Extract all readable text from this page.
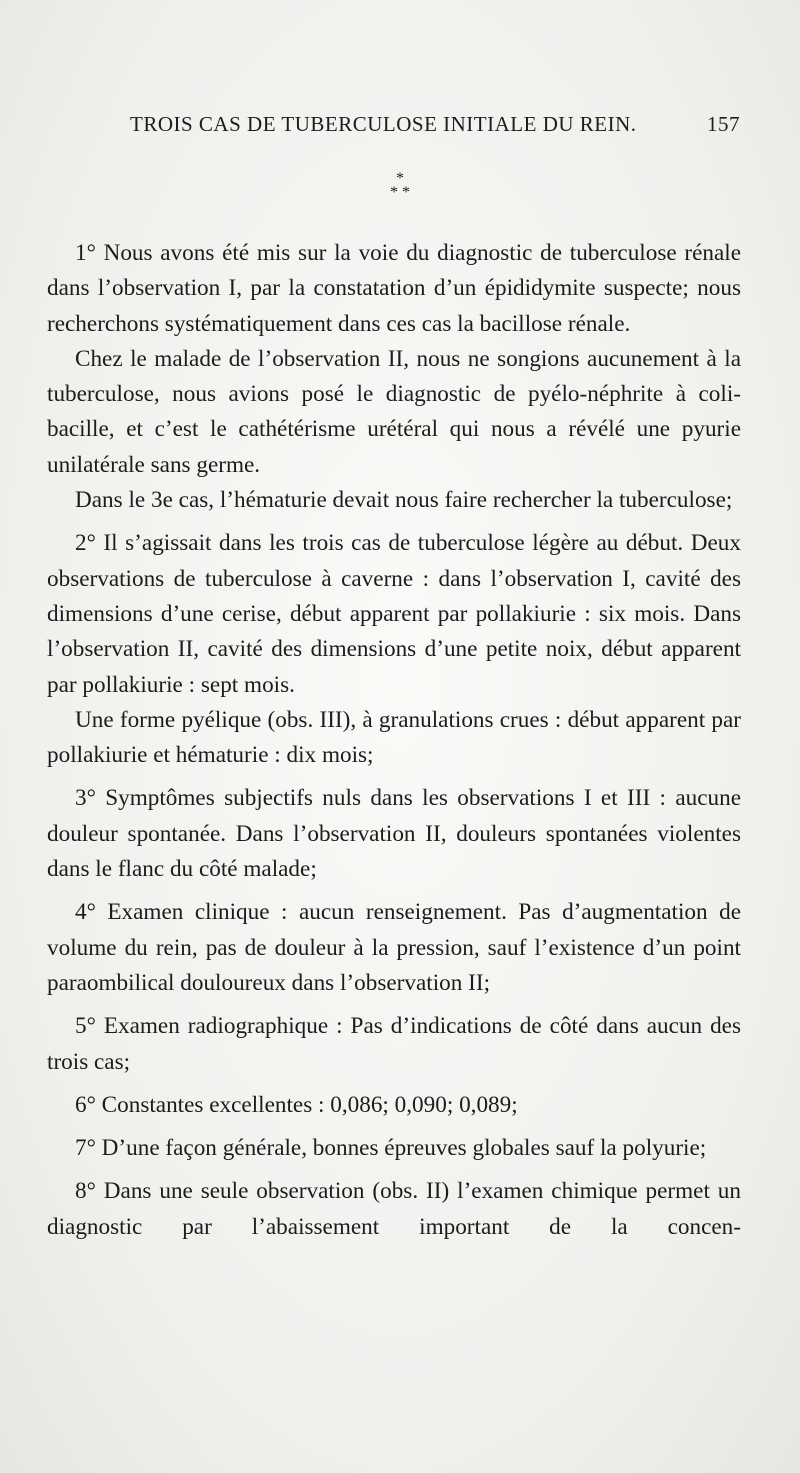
TROIS CAS DE TUBERCULOSE INITIALE DU REIN.	157
*
* *

1° Nous avons été mis sur la voie du diagnostic de tuberculose rénale dans l’observation I, par la constatation d’un épididymite suspecte; nous recherchons systématiquement dans ces cas la bacillose rénale.

Chez le malade de l’observation II, nous ne songions aucunement à la tuberculose, nous avions posé le diagnostic de pyélo-néphrite à coli-bacille, et c’est le cathétérisme urétéral qui nous a révélé une pyurie unilatérale sans germe.

Dans le 3e cas, l’hématurie devait nous faire rechercher la tuberculose;

2° Il s’agissait dans les trois cas de tuberculose légère au début. Deux observations de tuberculose à caverne : dans l’observation I, cavité des dimensions d’une cerise, début apparent par pollakiurie : six mois. Dans l’observation II, cavité des dimensions d’une petite noix, début apparent par pollakiurie : sept mois.

Une forme pyélique (obs. III), à granulations crues : début apparent par pollakiurie et hématurie : dix mois;

3° Symptômes subjectifs nuls dans les observations I et III : aucune douleur spontanée. Dans l’observation II, douleurs spontanées violentes dans le flanc du côté malade;

4° Examen clinique : aucun renseignement. Pas d’augmentation de volume du rein, pas de douleur à la pression, sauf l’existence d’un point paraombilical douloureux dans l’observation II;

5° Examen radiographique : Pas d’indications de côté dans aucun des trois cas;

6° Constantes excellentes : 0,086; 0,090; 0,089;

7° D’une façon générale, bonnes épreuves globales sauf la polyurie;

8° Dans une seule observation (obs. II) l’examen chimique permet un diagnostic par l’abaissement important de la concen-
